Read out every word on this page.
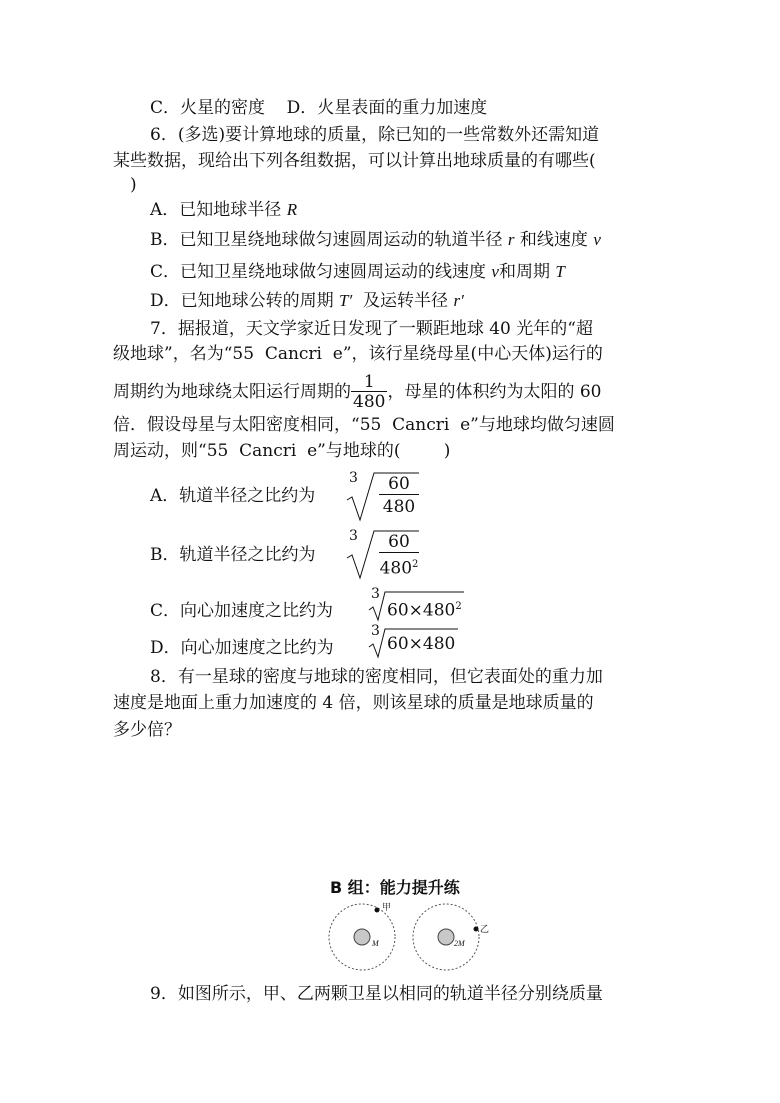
C．火星的密度 D．火星表面的重力加速度
6．(多选)要计算地球的质量，除已知的一些常数外还需知道
某些数据，现给出下列各组数据，可以计算出地球质量的有哪些(
)
A．已知地球半径 R
B．已知卫星绕地球做匀速圆周运动的轨道半径 r 和线速度 v
C．已知卫星绕地球做匀速圆周运动的线速度 v和周期 T
D．已知地球公转的周期 T′  及运转半径 r′
7．据报道，天文学家近日发现了一颗距地球 40 光年的“超
级地球”，名为“55  Cancri  e”，该行星绕母星(中心天体)运行的
周期约为地球绕太阳运行周期的 $\frac{1}{480}$ ，母星的体积约为太阳的 60
倍．假设母星与太阳密度相同，“55  Cancri  e”与地球均做匀速圆
周运动，则“55  Cancri  e”与地球的(        )
A．轨道半径之比约为
3	60
480
B．轨道半径之比约为
3	60
$480^2$
C．向心加速度之比约为
3
$60\times 480^2$
D．向心加速度之比约为
3
60×480
8．有一星球的密度与地球的密度相同，但它表面处的重力加
速度是地面上重力加速度的 4 倍，则该星球的质量是地球质量的
多少倍？
B 组：能力提升练
甲
M
乙
2M
9．如图所示，甲、乙两颗卫星以相同的轨道半径分别绕质量
